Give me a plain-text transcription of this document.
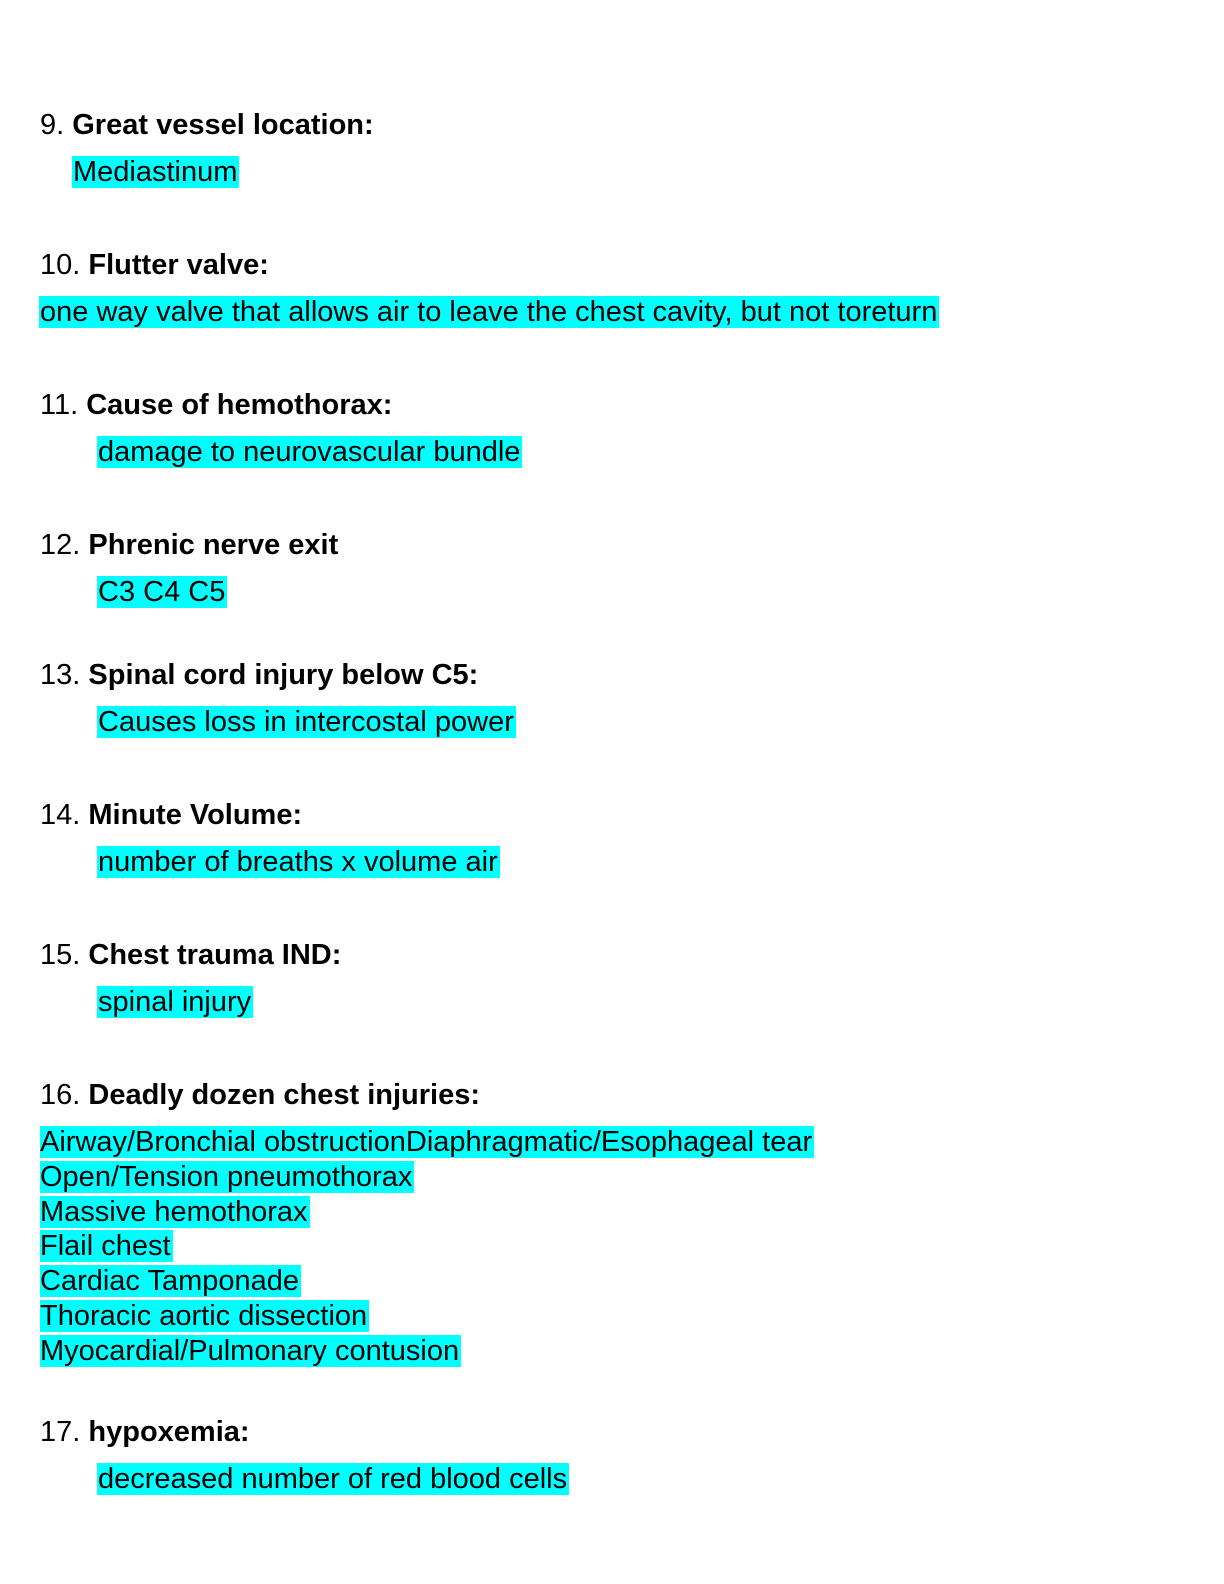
9. Great vessel location:
Mediastinum
10. Flutter valve:
one way valve that allows air to leave the chest cavity, but not toreturn
11. Cause of hemothorax:
damage to neurovascular bundle
12. Phrenic nerve exit
C3 C4 C5
13. Spinal cord injury below C5:
Causes loss in intercostal power
14. Minute Volume:
number of breaths x volume air
15. Chest trauma IND:
spinal injury
16. Deadly dozen chest injuries:
Airway/Bronchial obstructionDiaphragmatic/Esophageal tear
Open/Tension pneumothorax
Massive hemothorax
Flail chest
Cardiac Tamponade
Thoracic aortic dissection
Myocardial/Pulmonary contusion
17. hypoxemia:
decreased number of red blood cells
